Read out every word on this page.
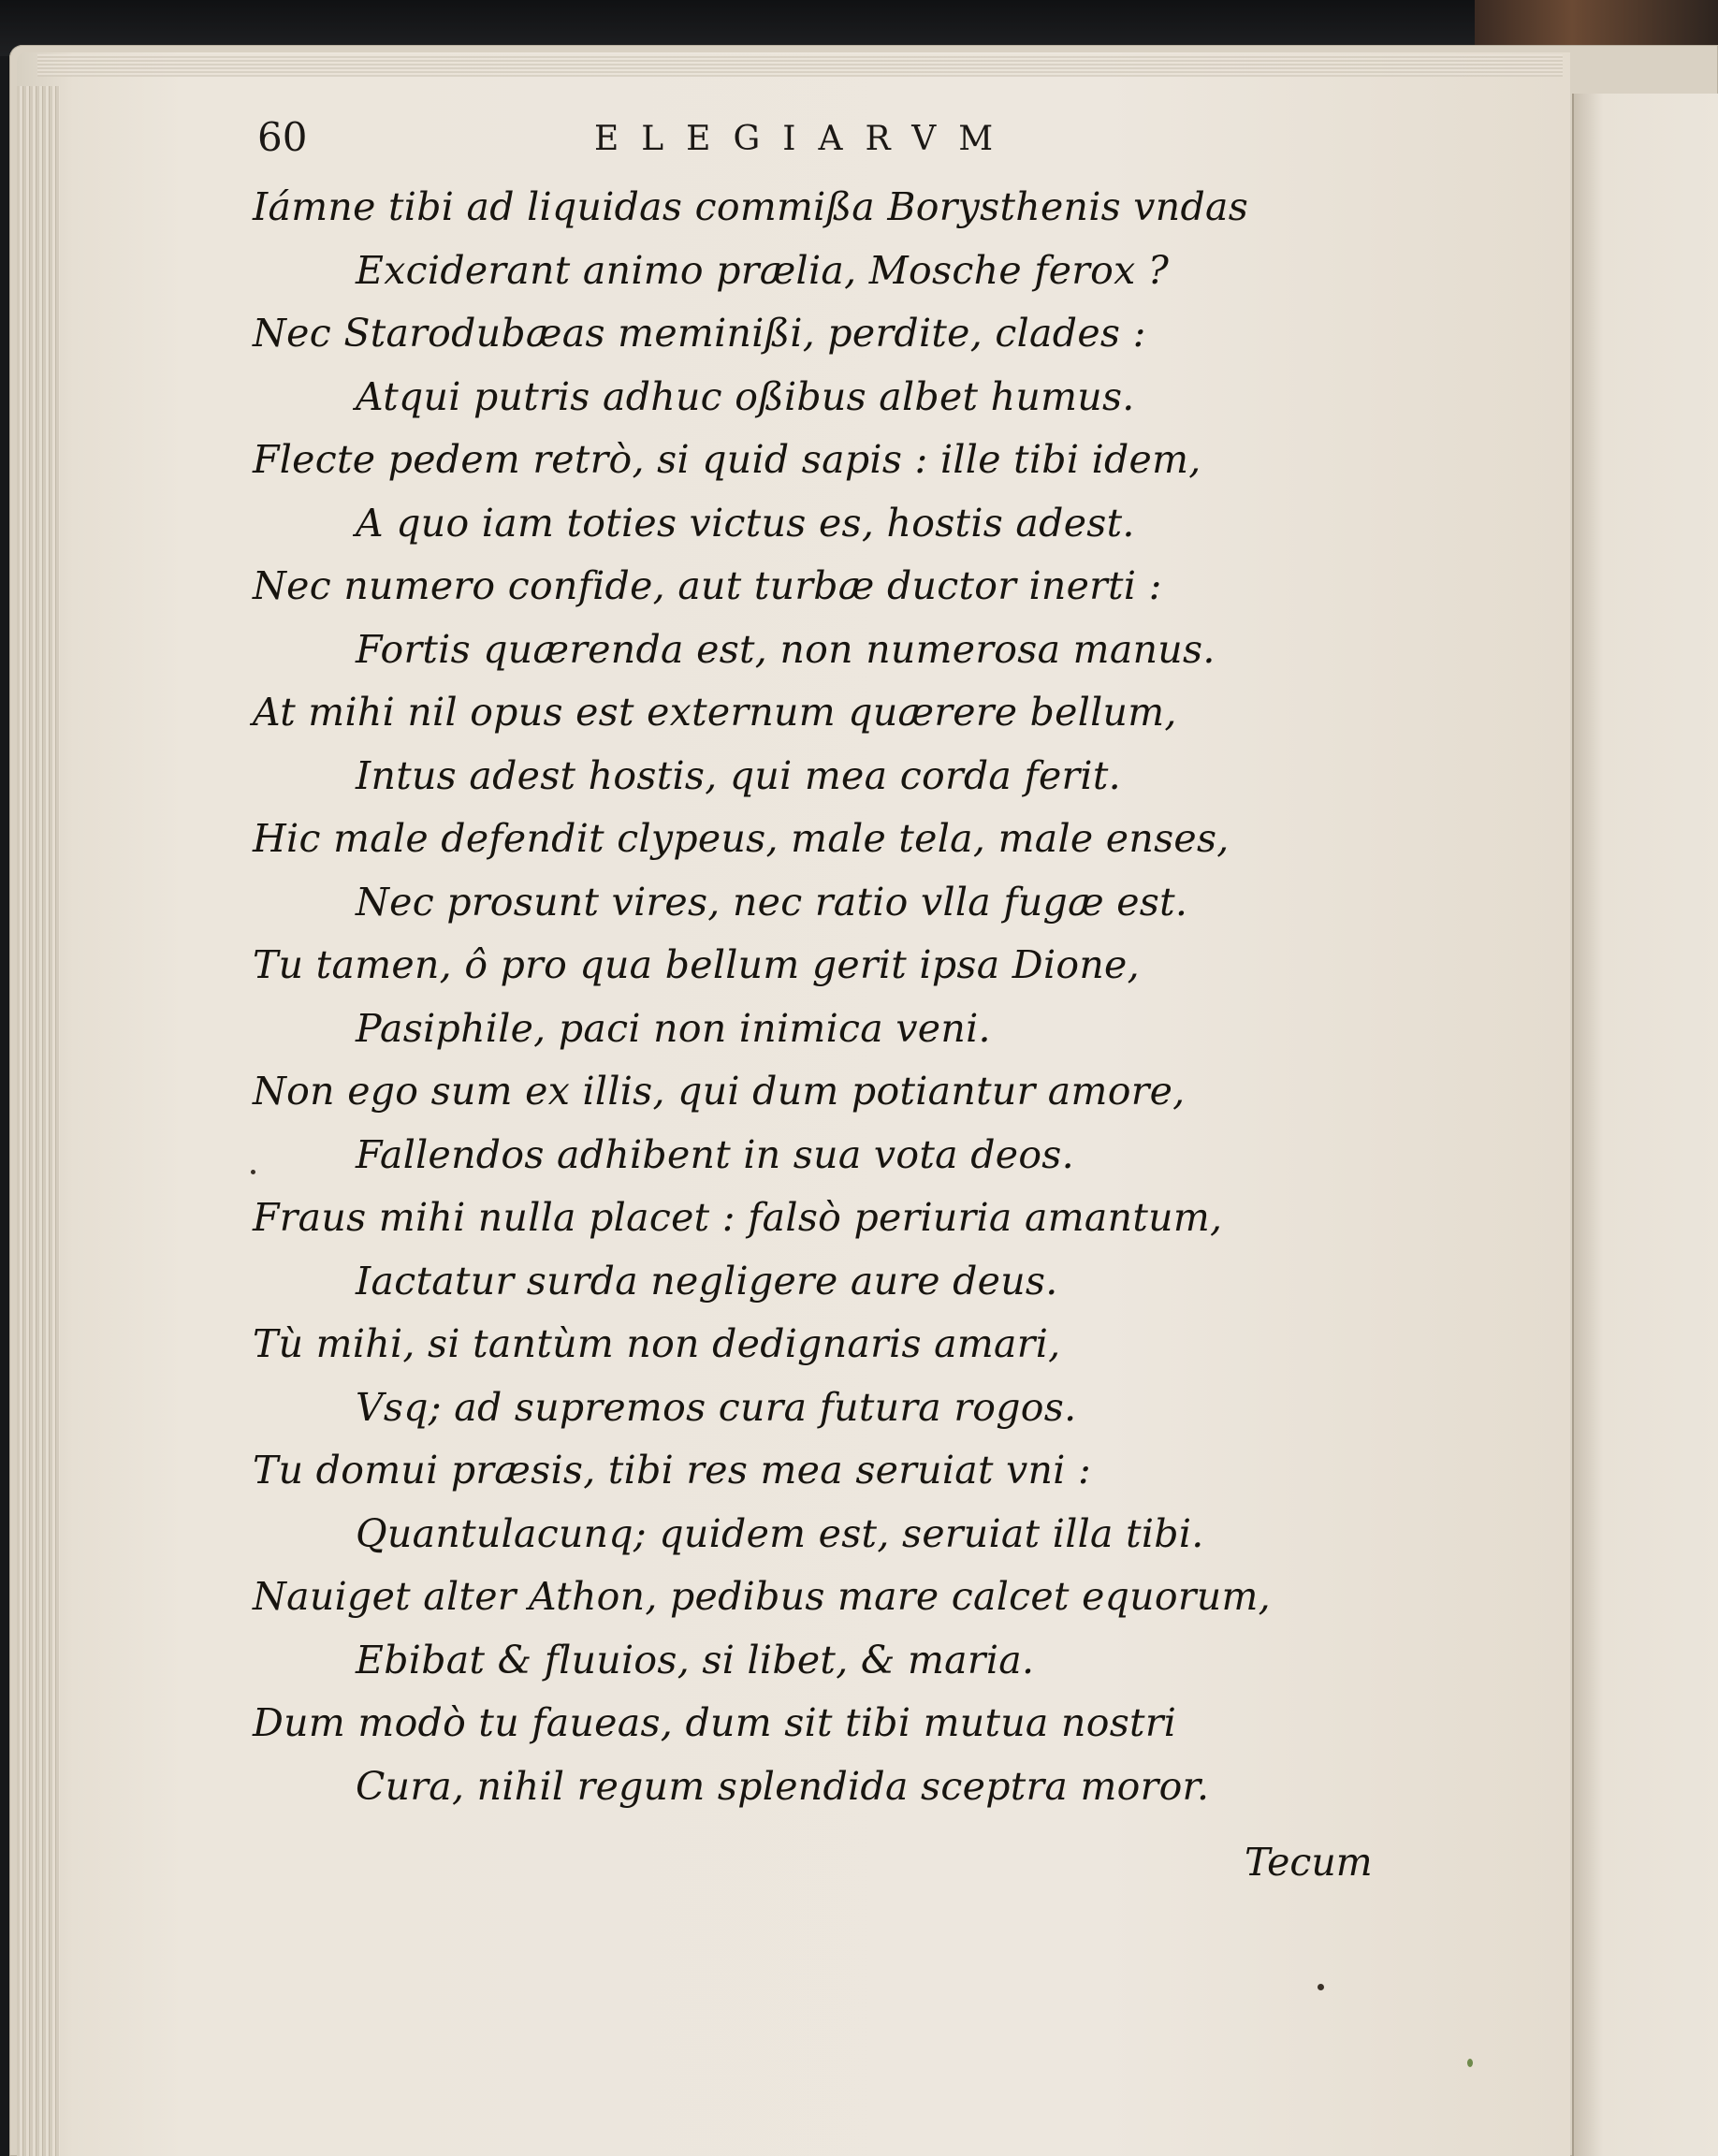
60	ELEGIARVM
Iámne tibi ad liquidas commißa Borysthenis vndas
Exciderant animo prælia, Mosche ferox ?
Nec Starodubæas meminißi, perdite, clades :
Atqui putris adhuc oßibus albet humus.
Flecte pedem retrò, si quid sapis : ille tibi idem,
A quo iam toties victus es, hostis adest.
Nec numero confide, aut turbæ ductor inerti :
Fortis quærenda est, non numerosa manus.
At mihi nil opus est externum quærere bellum,
Intus adest hostis, qui mea corda ferit.
Hic male defendit clypeus, male tela, male enses,
Nec prosunt vires, nec ratio vlla fugæ est.
Tu tamen, ô pro qua bellum gerit ipsa Dione,
Pasiphile, paci non inimica veni.
Non ego sum ex illis, qui dum potiantur amore,
Fallendos adhibent in sua vota deos.
Fraus mihi nulla placet : falsò periuria amantum,
Iactatur surda negligere aure deus.
Tù mihi, si tantùm non dedignaris amari,
Vsq; ad supremos cura futura rogos.
Tu domui præsis, tibi res mea seruiat vni :
Quantulacunq; quidem est, seruiat illa tibi.
Nauiget alter Athon, pedibus mare calcet equorum,
Ebibat & fluuios, si libet, & maria.
Dum modò tu faueas, dum sit tibi mutua nostri
Cura, nihil regum splendida sceptra moror.
Tecum
